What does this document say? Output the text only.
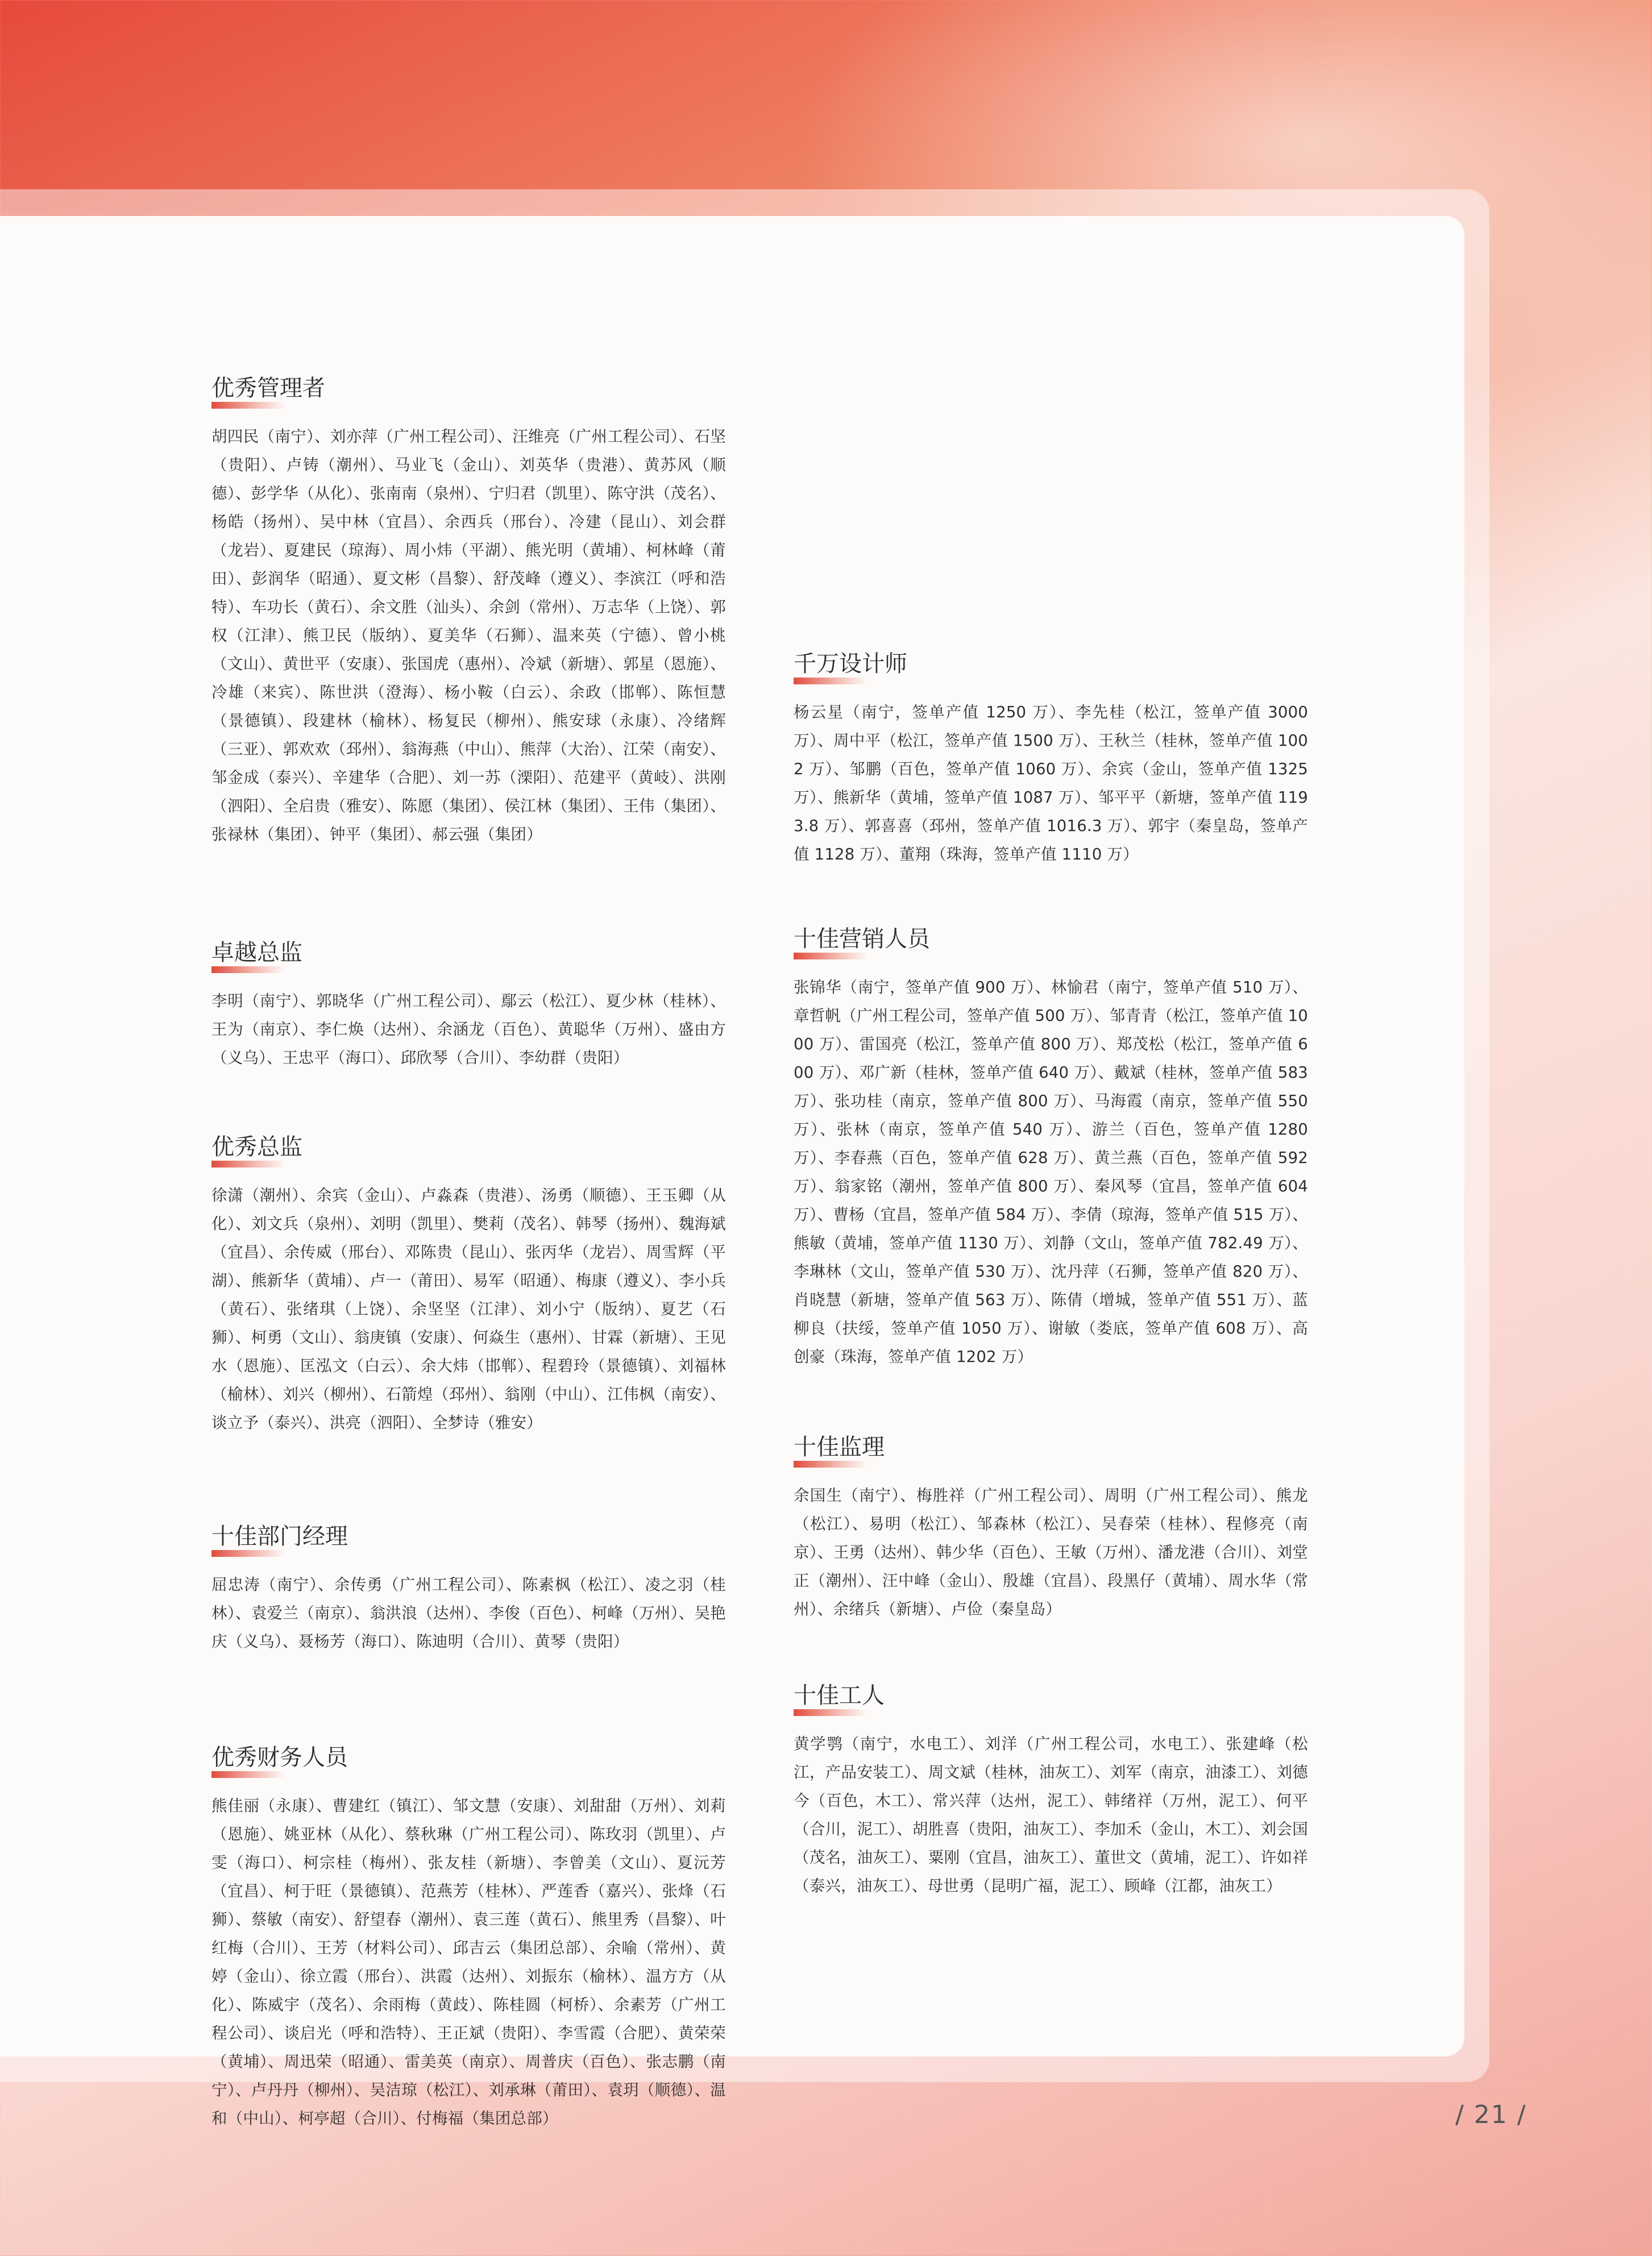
优秀管理者
胡四民（南宁）、刘亦萍（广州工程公司）、汪维亮（广州工程公司）、石坚（贵阳）、卢铸（潮州）、马业飞（金山）、刘英华（贵港）、黄苏风（顺德）、彭学华（从化）、张南南（泉州）、宁归君（凯里）、陈守洪（茂名）、杨皓（扬州）、吴中林（宜昌）、余西兵（邢台）、冷建（昆山）、刘会群（龙岩）、夏建民（琼海）、周小炜（平湖）、熊光明（黄埔）、柯林峰（莆田）、彭润华（昭通）、夏文彬（昌黎）、舒茂峰（遵义）、李滨江（呼和浩特）、车功长（黄石）、余文胜（汕头）、余剑（常州）、万志华（上饶）、郭权（江津）、熊卫民（版纳）、夏美华（石狮）、温来英（宁德）、曾小桃（文山）、黄世平（安康）、张国虎（惠州）、冷斌（新塘）、郭星（恩施）、冷雄（来宾）、陈世洪（澄海）、杨小鞍（白云）、余政（邯郸）、陈恒慧（景德镇）、段建林（榆林）、杨复民（柳州）、熊安球（永康）、冷绪辉（三亚）、郭欢欢（邳州）、翁海燕（中山）、熊萍（大治）、江荣（南安）、邹金成（泰兴）、辛建华（合肥）、刘一苏（溧阳）、范建平（黄岐）、洪刚（泗阳）、全启贵（雅安）、陈愿（集团）、侯江林（集团）、王伟（集团）、张禄林（集团）、钟平（集团）、郝云强（集团）
卓越总监
李明（南宁）、郭晓华（广州工程公司）、鄢云（松江）、夏少林（桂林）、王为（南京）、李仁焕（达州）、余涵龙（百色）、黄聪华（万州）、盛由方（义乌）、王忠平（海口）、邱欣琴（合川）、李幼群（贵阳）
优秀总监
徐潇（潮州）、余宾（金山）、卢淼森（贵港）、汤勇（顺德）、王玉卿（从化）、刘文兵（泉州）、刘明（凯里）、樊莉（茂名）、韩琴（扬州）、魏海斌（宜昌）、余传威（邢台）、邓陈贵（昆山）、张丙华（龙岩）、周雪辉（平湖）、熊新华（黄埔）、卢一（莆田）、易军（昭通）、梅康（遵义）、李小兵（黄石）、张绪琪（上饶）、余坚坚（江津）、刘小宁（版纳）、夏艺（石狮）、柯勇（文山）、翁庚镇（安康）、何焱生（惠州）、甘霖（新塘）、王见水（恩施）、匡泓文（白云）、余大炜（邯郸）、程碧玲（景德镇）、刘福林（榆林）、刘兴（柳州）、石箭煌（邳州）、翁刚（中山）、江伟枫（南安）、谈立予（泰兴）、洪亮（泗阳）、全梦诗（雅安）
十佳部门经理
屈忠涛（南宁）、余传勇（广州工程公司）、陈素枫（松江）、凌之羽（桂林）、袁爱兰（南京）、翁洪浪（达州）、李俊（百色）、柯峰（万州）、吴艳庆（义乌）、聂杨芳（海口）、陈迪明（合川）、黄琴（贵阳）
优秀财务人员
熊佳丽（永康）、曹建红（镇江）、邹文慧（安康）、刘甜甜（万州）、刘莉（恩施）、姚亚林（从化）、蔡秋琳（广州工程公司）、陈玫羽（凯里）、卢雯（海口）、柯宗桂（梅州）、张友桂（新塘）、李曾美（文山）、夏沅芳（宜昌）、柯于旺（景德镇）、范燕芳（桂林）、严莲香（嘉兴）、张烽（石狮）、蔡敏（南安）、舒望春（潮州）、袁三莲（黄石）、熊里秀（昌黎）、叶红梅（合川）、王芳（材料公司）、邱吉云（集团总部）、余喻（常州）、黄婷（金山）、徐立霞（邢台）、洪霞（达州）、刘振东（榆林）、温方方（从化）、陈威宇（茂名）、余雨梅（黄歧）、陈桂圆（柯桥）、余素芳（广州工程公司）、谈启光（呼和浩特）、王正斌（贵阳）、李雪霞（合肥）、黄荣荣（黄埔）、周迅荣（昭通）、雷美英（南京）、周普庆（百色）、张志鹏（南宁）、卢丹丹（柳州）、吴洁琼（松江）、刘承琳（莆田）、袁玥（顺德）、温和（中山）、柯亭超（合川）、付梅福（集团总部）
千万设计师
杨云星（南宁，签单产值 1250 万）、李先桂（松江，签单产值 3000 万）、周中平（松江，签单产值 1500 万）、王秋兰（桂林，签单产值 1002 万）、邹鹏（百色，签单产值 1060 万）、余宾（金山，签单产值 1325 万）、熊新华（黄埔，签单产值 1087 万）、邹平平（新塘，签单产值 1193.8 万）、郭喜喜（邳州，签单产值 1016.3 万）、郭宇（秦皇岛，签单产值 1128 万）、董翔（珠海，签单产值 1110 万）
十佳营销人员
张锦华（南宁，签单产值 900 万）、林愉君（南宁，签单产值 510 万）、章哲帆（广州工程公司，签单产值 500 万）、邹青青（松江，签单产值 1000 万）、雷国亮（松江，签单产值 800 万）、郑茂松（松江，签单产值 600 万）、邓广新（桂林，签单产值 640 万）、戴斌（桂林，签单产值 583 万）、张功桂（南京，签单产值 800 万）、马海霞（南京，签单产值 550 万）、张林（南京，签单产值 540 万）、游兰（百色，签单产值 1280 万）、李春燕（百色，签单产值 628 万）、黄兰燕（百色，签单产值 592 万）、翁家铭（潮州，签单产值 800 万）、秦风琴（宜昌，签单产值 604 万）、曹杨（宜昌，签单产值 584 万）、李倩（琼海，签单产值 515 万）、熊敏（黄埔，签单产值 1130 万）、刘静（文山，签单产值 782.49 万）、李琳林（文山，签单产值 530 万）、沈丹萍（石狮，签单产值 820 万）、肖晓慧（新塘，签单产值 563 万）、陈倩（增城，签单产值 551 万）、蓝柳良（扶绥，签单产值 1050 万）、谢敏（娄底，签单产值 608 万）、高创豪（珠海，签单产值 1202 万）
十佳监理
余国生（南宁）、梅胜祥（广州工程公司）、周明（广州工程公司）、熊龙（松江）、易明（松江）、邹森林（松江）、吴春荣（桂林）、程修亮（南京）、王勇（达州）、韩少华（百色）、王敏（万州）、潘龙港（合川）、刘堂正（潮州）、汪中峰（金山）、殷雄（宜昌）、段黑仔（黄埔）、周水华（常州）、余绪兵（新塘）、卢俭（秦皇岛）
十佳工人
黄学鹗（南宁，水电工）、刘洋（广州工程公司，水电工）、张建峰（松江，产品安装工）、周文斌（桂林，油灰工）、刘军（南京，油漆工）、刘德今（百色，木工）、常兴萍（达州，泥工）、韩绪祥（万州，泥工）、何平（合川，泥工）、胡胜喜（贵阳，油灰工）、李加禾（金山，木工）、刘会国（茂名，油灰工）、粟刚（宜昌，油灰工）、董世文（黄埔，泥工）、许如祥（泰兴，油灰工）、母世勇（昆明广福，泥工）、顾峰（江都，油灰工）
/ 21 /
